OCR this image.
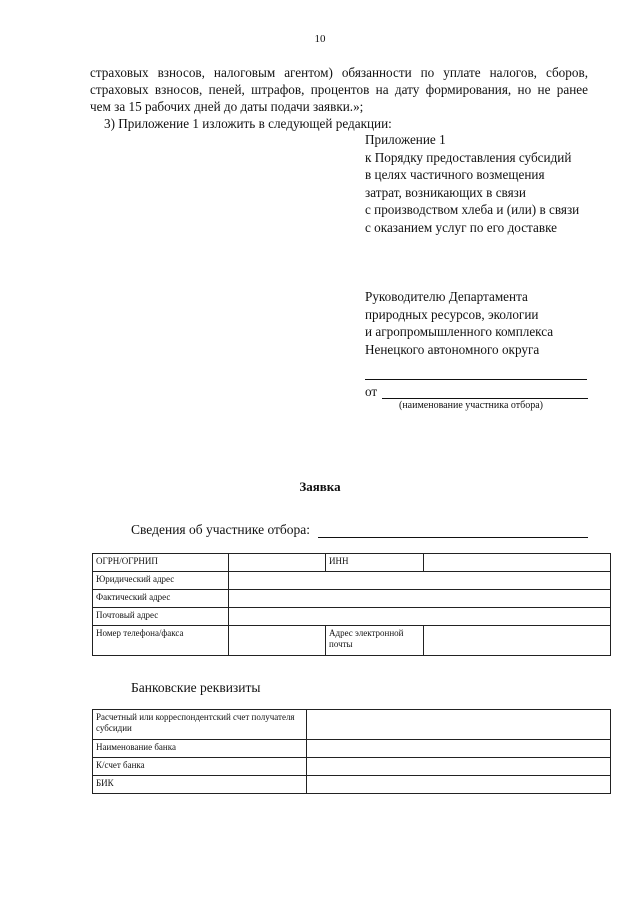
10
страховых взносов, налоговым агентом) обязанности по уплате налогов, сборов,
страховых взносов, пеней, штрафов, процентов на дату формирования, но не ранее
чем за 15 рабочих дней до даты подачи заявки.»;
3) Приложение 1 изложить в следующей редакции:
Приложение 1
к Порядку предоставления субсидий
в целях частичного возмещения
затрат, возникающих в связи
с производством хлеба и (или) в связи
с оказанием услуг по его доставке
Руководителю Департамента
природных ресурсов, экологии
и агропромышленного комплекса
Ненецкого автономного округа
от
(наименование участника отбора)
Заявка
Сведения об участнике отбора:
ОГРН/ОГРНИП		ИНН	
Юридический адрес			
Фактический адрес			
Почтовый адрес			
Номер телефона/факса		Адрес электронной почты	
Банковские реквизиты
Расчетный или корреспондентский счет получателя субсидии	
Наименование банка	
К/счет банка	
БИК	
